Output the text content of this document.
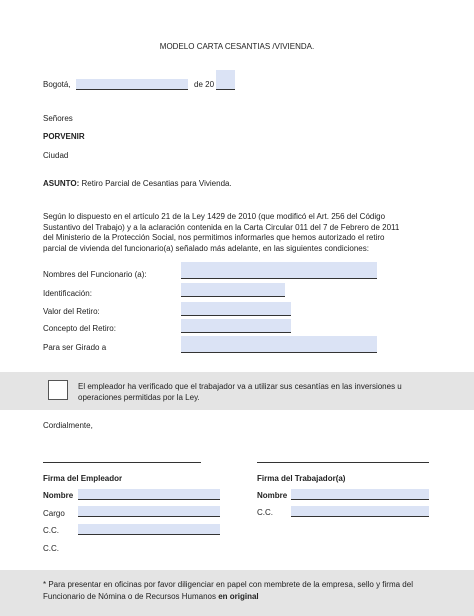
MODELO CARTA CESANTIAS /VIVIENDA.
Bogotá,	de 20
Señores
PORVENIR
Ciudad
ASUNTO: Retiro Parcial de Cesantias para Vivienda.
Según lo dispuesto en el artículo 21 de la Ley 1429 de 2010 (que modificó el Art. 256 del Código
Sustantivo del Trabajo) y a la aclaración contenida en la Carta Circular 011 del 7 de Febrero de 2011
del Ministerio de la Protección Social, nos permitimos informarles que hemos autorizado el retiro
parcial de vivienda del funcionario(a) señalado más adelante, en las siguientes condiciones:
Nombres del Funcionario (a):
Identificación:
Valor del Retiro:
Concepto del Retiro:
Para ser Girado a
El empleador ha verificado que el trabajador va a utilizar sus cesantías en las inversiones u
operaciones permitidas por la Ley.
Cordialmente,
Firma del Empleador
Nombre
Cargo
C.C.
C.C.
Firma del Trabajador(a)
Nombre
C.C.
* Para presentar en oficinas por favor diligenciar en papel con membrete de la empresa, sello y firma del
Funcionario de Nómina o de Recursos Humanos en original
